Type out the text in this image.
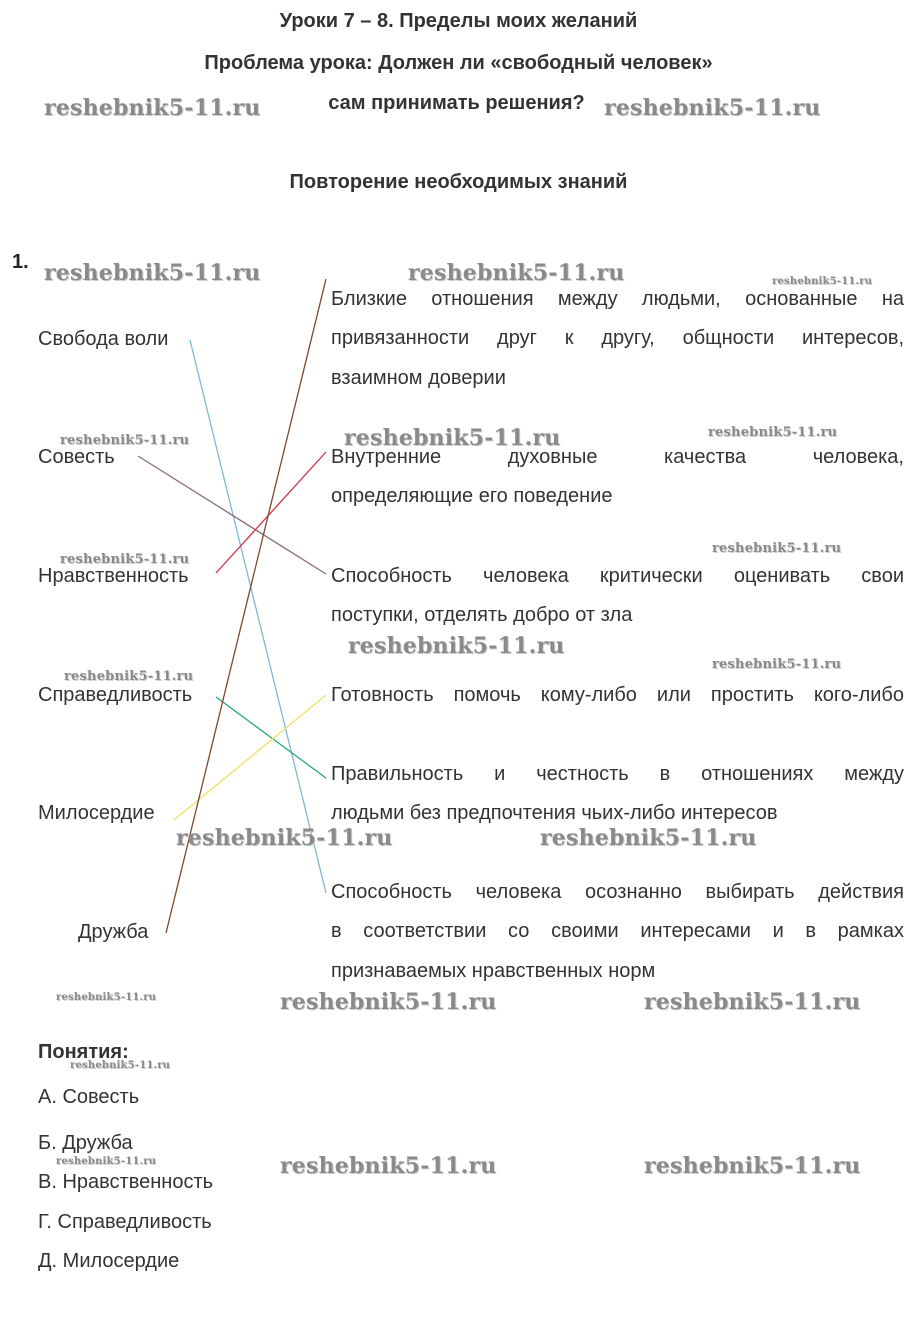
Уроки 7 – 8. Пределы моих желаний
Проблема урока: Должен ли «свободный человек»
сам принимать решения?
Повторение необходимых знаний
1.
Свобода воли
Совесть
Нравственность
Справедливость
Милосердие
Дружба
Близкие отношения между людьми, основанные на
привязанности друг к другу, общности интересов,
взаимном доверии
Внутренние духовные качества человека,
определяющие его поведение
Способность человека критически оценивать свои
поступки, отделять добро от зла
Готовность помочь кому-либо или простить кого-либо
Правильность и честность в отношениях между
людьми без предпочтения чьих-либо интересов
Способность человека осознанно выбирать действия
в соответствии со своими интересами и в рамках
признаваемых нравственных норм
Понятия:
А. Совесть
Б. Дружба
В. Нравственность
Г. Справедливость
Д. Милосердие
reshebnik5-11.ru	reshebnik5-11.ru
reshebnik5-11.ru	reshebnik5-11.ru	reshebnik5-11.ru
reshebnik5-11.ru	reshebnik5-11.ru	reshebnik5-11.ru
reshebnik5-11.ru
reshebnik5-11.ru
reshebnik5-11.ru
reshebnik5-11.ru
reshebnik5-11.ru
reshebnik5-11.ru	reshebnik5-11.ru
reshebnik5-11.ru	reshebnik5-11.ru	reshebnik5-11.ru
reshebnik5-11.ru
reshebnik5-11.ru	reshebnik5-11.ru	reshebnik5-11.ru
